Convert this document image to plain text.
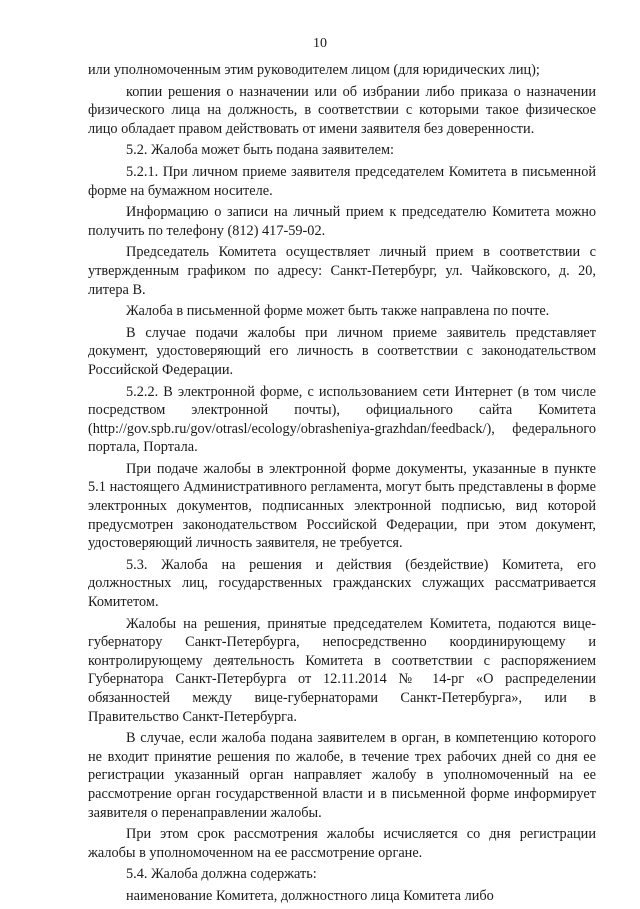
10

или уполномоченным этим руководителем лицом (для юридических лиц);

копии решения о назначении или об избрании либо приказа о назначении физического лица на должность, в соответствии с которыми такое физическое лицо обладает правом действовать от имени заявителя без доверенности.

5.2. Жалоба может быть подана заявителем:

5.2.1. При личном приеме заявителя председателем Комитета в письменной форме на бумажном носителе.

Информацию о записи на личный прием к председателю Комитета можно получить по телефону (812) 417-59-02.

Председатель Комитета осуществляет личный прием в соответствии с утвержденным графиком по адресу: Санкт-Петербург, ул. Чайковского, д. 20, литера В.

Жалоба в письменной форме может быть также направлена по почте.

В случае подачи жалобы при личном приеме заявитель представляет документ, удостоверяющий его личность в соответствии с законодательством Российской Федерации.

5.2.2. В электронной форме, с использованием сети Интернет (в том числе посредством электронной почты), официального сайта Комитета (http://gov.spb.ru/gov/otrasl/ecology/obrasheniya-grazhdan/feedback/), федерального портала, Портала.

При подаче жалобы в электронной форме документы, указанные в пункте 5.1 настоящего Административного регламента, могут быть представлены в форме электронных документов, подписанных электронной подписью, вид которой предусмотрен законодательством Российской Федерации, при этом документ, удостоверяющий личность заявителя, не требуется.

5.3. Жалоба на решения и действия (бездействие) Комитета, его должностных лиц, государственных гражданских служащих рассматривается Комитетом.

Жалобы на решения, принятые председателем Комитета, подаются вице-губернатору Санкт-Петербурга, непосредственно координирующему и контролирующему деятельность Комитета в соответствии с распоряжением Губернатора Санкт-Петербурга от 12.11.2014 № 14-рг «О распределении обязанностей между вице-губернаторами Санкт-Петербурга», или в Правительство Санкт-Петербурга.

В случае, если жалоба подана заявителем в орган, в компетенцию которого не входит принятие решения по жалобе, в течение трех рабочих дней со дня ее регистрации указанный орган направляет жалобу в уполномоченный на ее рассмотрение орган государственной власти и в письменной форме информирует заявителя о перенаправлении жалобы.

При этом срок рассмотрения жалобы исчисляется со дня регистрации жалобы в уполномоченном на ее рассмотрение органе.

5.4. Жалоба должна содержать:

наименование Комитета, должностного лица Комитета либо
